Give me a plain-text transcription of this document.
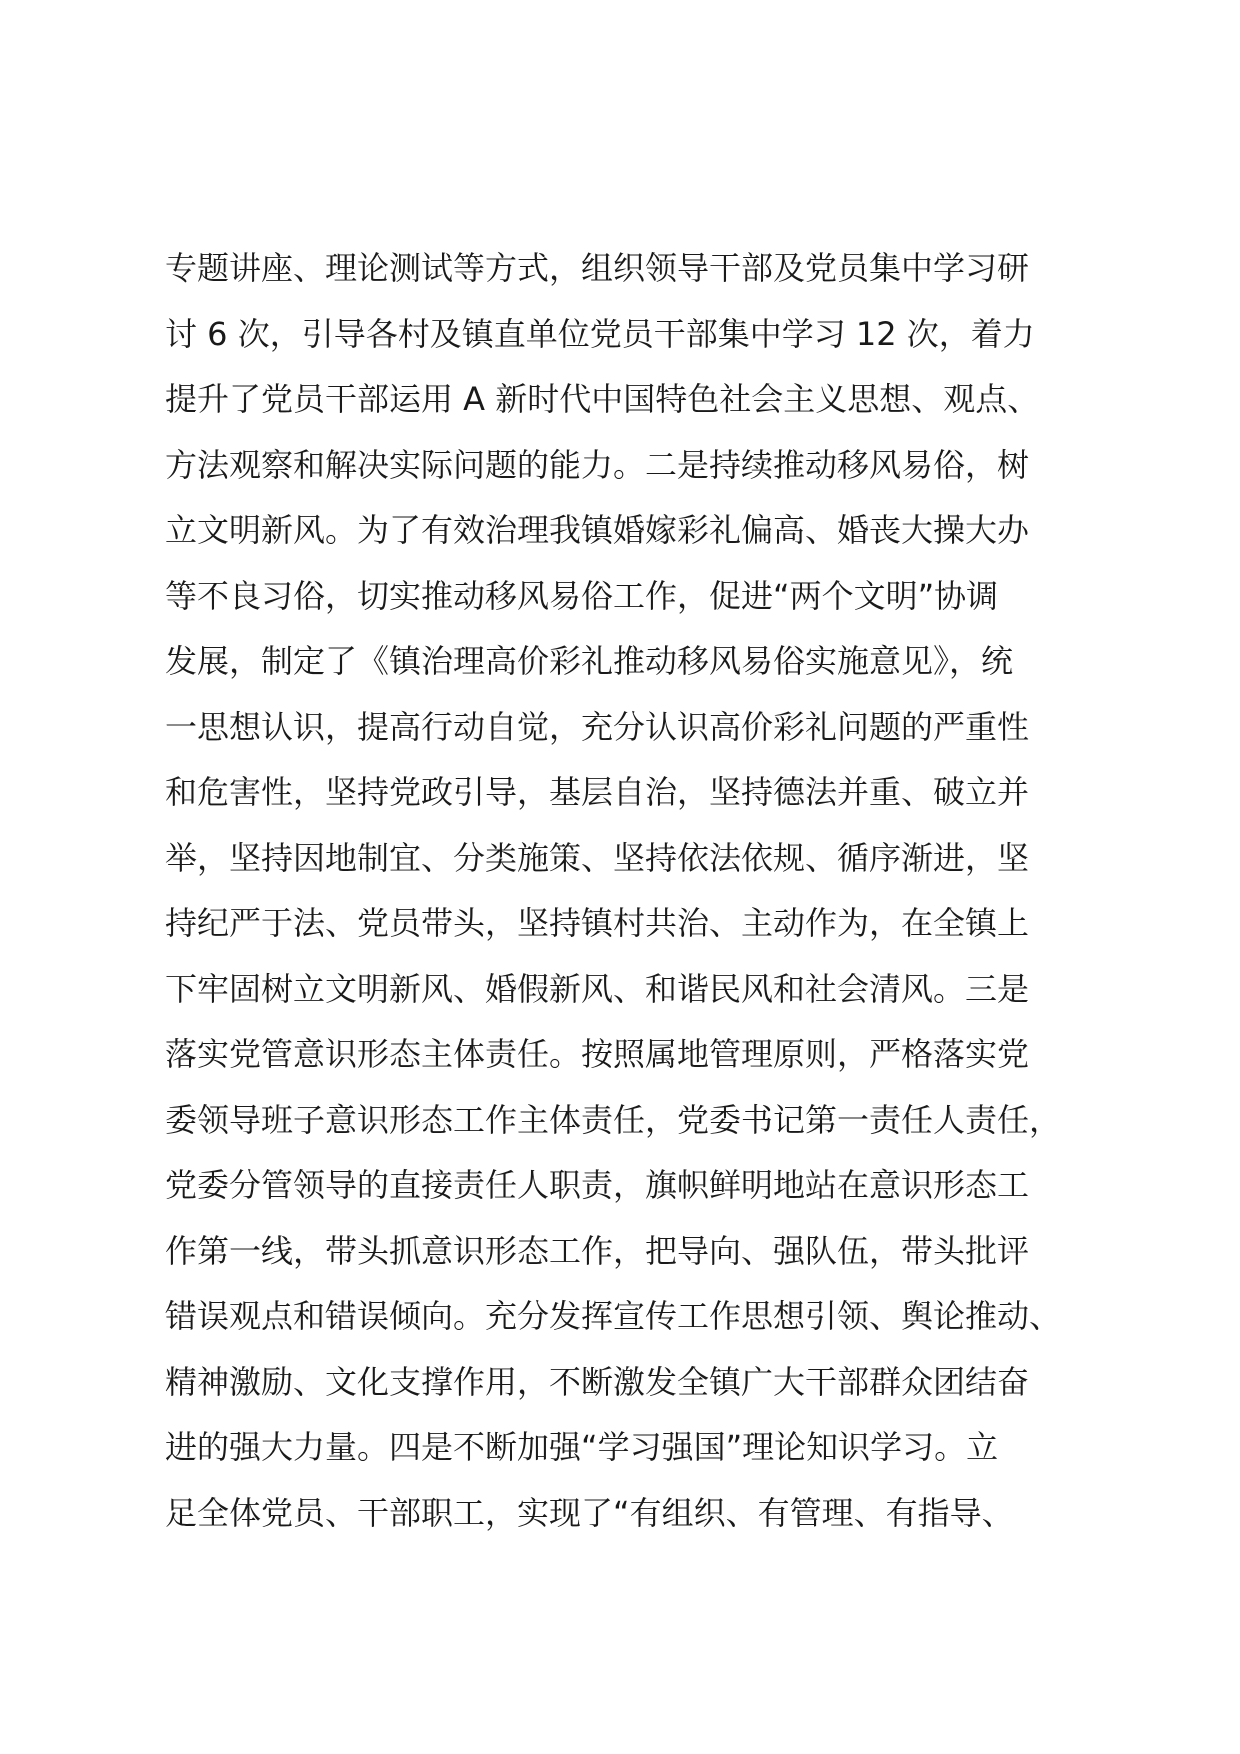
专题讲座、理论测试等方式，组织领导干部及党员集中学习研
讨 6 次，引导各村及镇直单位党员干部集中学习 12 次，着力
提升了党员干部运用 A 新时代中国特色社会主义思想、观点、
方法观察和解决实际问题的能力。二是持续推动移风易俗，树
立文明新风。为了有效治理我镇婚嫁彩礼偏高、婚丧大操大办
等不良习俗，切实推动移风易俗工作，促进“两个文明”协调
发展，制定了《镇治理高价彩礼推动移风易俗实施意见》，统
一思想认识，提高行动自觉，充分认识高价彩礼问题的严重性
和危害性，坚持党政引导，基层自治，坚持德法并重、破立并
举，坚持因地制宜、分类施策、坚持依法依规、循序渐进，坚
持纪严于法、党员带头，坚持镇村共治、主动作为，在全镇上
下牢固树立文明新风、婚假新风、和谐民风和社会清风。三是
落实党管意识形态主体责任。按照属地管理原则，严格落实党
委领导班子意识形态工作主体责任，党委书记第一责任人责任，
党委分管领导的直接责任人职责，旗帜鲜明地站在意识形态工
作第一线，带头抓意识形态工作，把导向、强队伍，带头批评
错误观点和错误倾向。充分发挥宣传工作思想引领、舆论推动、
精神激励、文化支撑作用，不断激发全镇广大干部群众团结奋
进的强大力量。四是不断加强“学习强国”理论知识学习。立
足全体党员、干部职工，实现了“有组织、有管理、有指导、
